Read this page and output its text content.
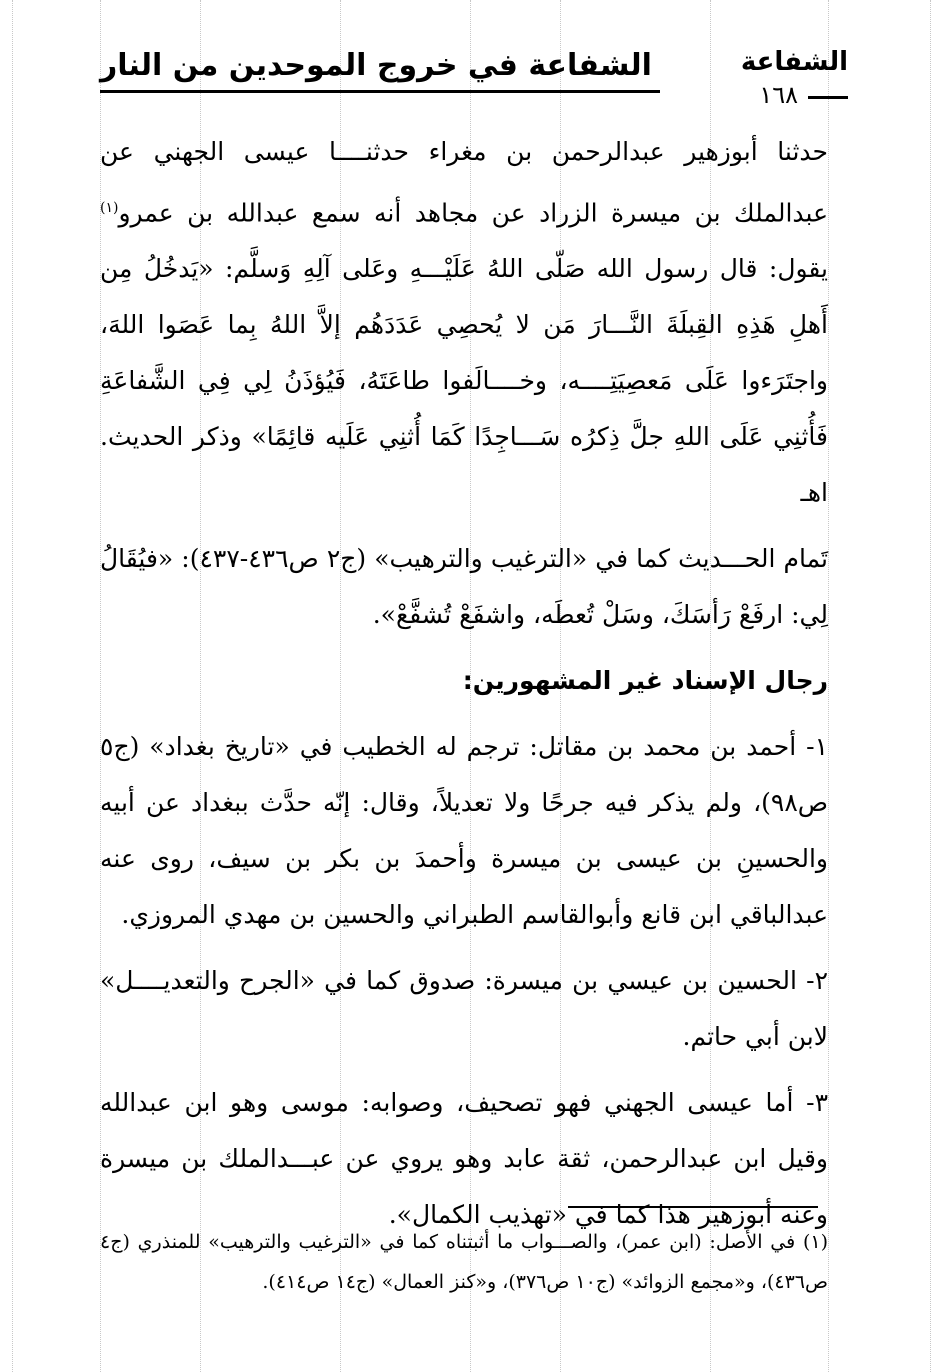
الشفاعة
الشفاعة في خروج الموحدين من النار
١٦٨

حدثنا أبوزهير عبدالرحمن بن مغراء حدثنــــا عيسى الجهني عن عبدالملك بن ميسرة الزراد عن مجاهد أنه سمع عبدالله بن عمرو$^{(١)}$ يقول: قال رسول الله صَلّى اللهُ عَلَيْـــهِ وعَلى آلِهِ وَسلَّم: «يَدخُلُ مِن أَهلِ هَذِهِ القِبلَةَ النَّـــارَ مَن لا يُحصِي عَدَدَهُم إلاَّ اللهُ بِما عَصَوا اللهَ، واجتَرَءوا عَلَى مَعصِيَتِــــه، وخــــالَفوا طاعَتَهُ، فَيُؤذَنُ لِي فِي الشَّفاعَةِ فَأُثنِي عَلَى اللهِ جلَّ ذِكرُه سَـــاجِدًا كَمَا أُثنِي عَلَيه قائِمًا» وذكر الحديث. اهـ

تَمام الحـــديث كما في «الترغيب والترهيب» (ج٢ ص٤٣٦-٤٣٧): «فيُقَالُ لِي: ارفَعْ رَأسَكَ، وسَلْ تُعطَه، واشفَعْ تُشفَّعْ».

رجال الإسناد غير المشهورين:

١- أحمد بن محمد بن مقاتل: ترجم له الخطيب في «تاريخ بغداد» (ج٥ ص٩٨)، ولم يذكر فيه جرحًا ولا تعديلاً، وقال: إنّه حدَّث ببغداد عن أبيه والحسينِ بن عيسى بن ميسرة وأحمدَ بن بكر بن سيف، روى عنه عبدالباقي ابن قانع وأبوالقاسم الطبراني والحسين بن مهدي المروزي.

٢- الحسين بن عيسي بن ميسرة: صدوق كما في «الجرح والتعديــــل» لابن أبي حاتم.

٣- أما عيسى الجهني فهو تصحيف، وصوابه: موسى وهو ابن عبدالله وقيل ابن عبدالرحمن، ثقة عابد وهو يروي عن عبـــدالملك بن ميسرة وعنه أبوزهير هذا كما في «تهذيب الكمال».

(١) في الأصل: (ابن عمر)، والصـــواب ما أثبتناه كما في «الترغيب والترهيب» للمنذري (ج٤ ص٤٣٦)، و«مجمع الزوائد» (ج١٠ ص٣٧٦)، و«كنز العمال» (ج١٤ ص٤١٤).
